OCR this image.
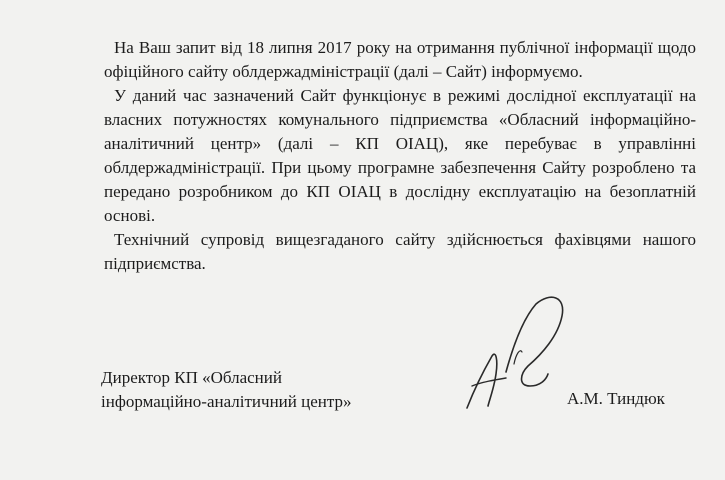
На Ваш запит від 18 липня 2017 року на отримання публічної інформації щодо офіційного сайту облдержадміністрації (далі – Сайт) інформуємо.

У даний час зазначений Сайт функціонує в режимі дослідної експлуатації на власних потужностях комунального підприємства «Обласний інформаційно-аналітичний центр» (далі – КП ОІАЦ), яке перебуває в управлінні облдержадміністрації. При цьому програмне забезпечення Сайту розроблено та передано розробником до КП ОІАЦ в дослідну експлуатацію на безоплатній основі.

Технічний супровід вищезгаданого сайту здійснюється фахівцями нашого підприємства.

Директор КП «Обласний
інформаційно-аналітичний центр»	А.М. Тиндюк
